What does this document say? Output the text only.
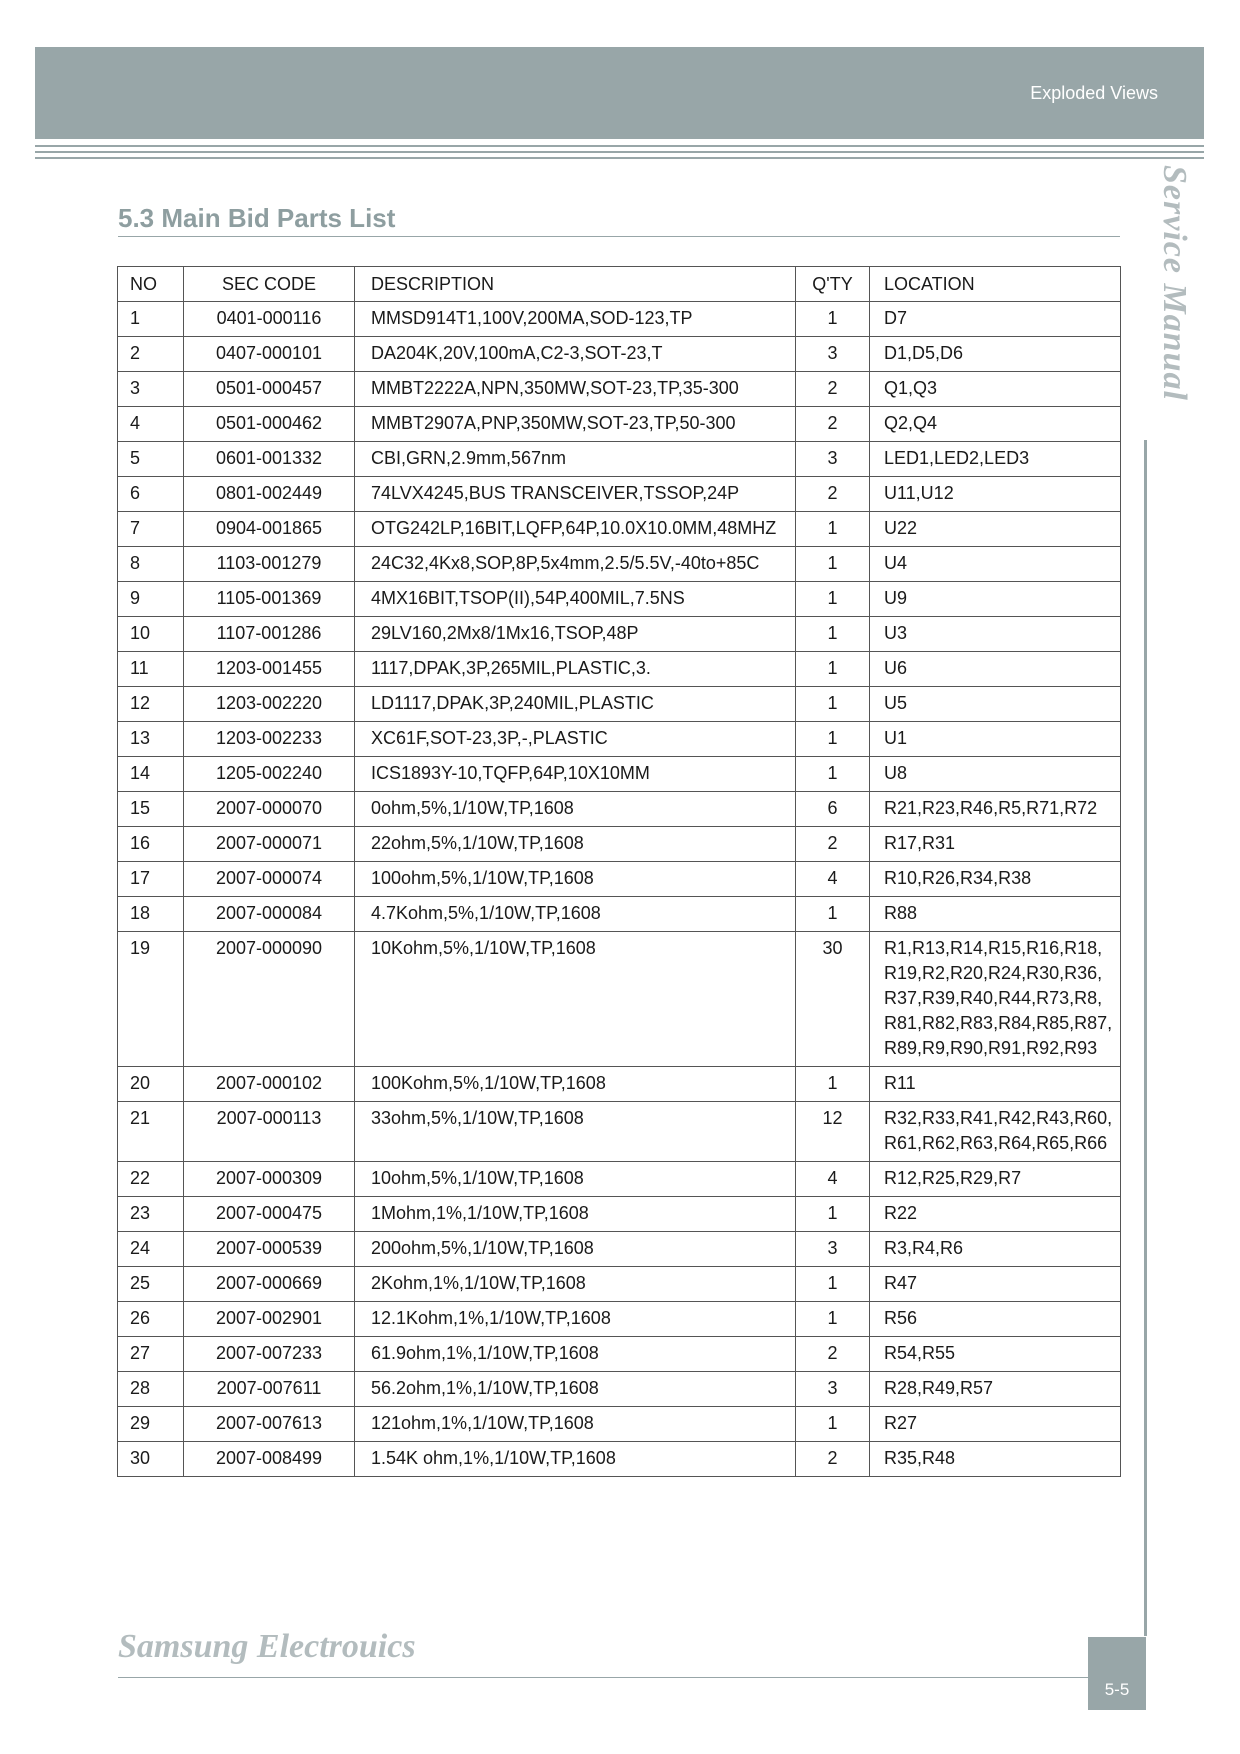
Exploded Views
Service Manual
5.3 Main Bid Parts List
NO	SEC CODE	DESCRIPTION	Q'TY	LOCATION
1	0401-000116	MMSD914T1,100V,200MA,SOD-123,TP	1	D7

2	0407-000101	DA204K,20V,100mA,C2-3,SOT-23,T	3	D1,D5,D6

3	0501-000457	MMBT2222A,NPN,350MW,SOT-23,TP,35-300	2	Q1,Q3

4	0501-000462	MMBT2907A,PNP,350MW,SOT-23,TP,50-300	2	Q2,Q4

5	0601-001332	CBI,GRN,2.9mm,567nm	3	LED1,LED2,LED3

6	0801-002449	74LVX4245,BUS TRANSCEIVER,TSSOP,24P	2	U11,U12

7	0904-001865	OTG242LP,16BIT,LQFP,64P,10.0X10.0MM,48MHZ	1	U22

8	1103-001279	24C32,4Kx8,SOP,8P,5x4mm,2.5/5.5V,-40to+85C	1	U4

9	1105-001369	4MX16BIT,TSOP(II),54P,400MIL,7.5NS	1	U9

10	1107-001286	29LV160,2Mx8/1Mx16,TSOP,48P	1	U3

11	1203-001455	1117,DPAK,3P,265MIL,PLASTIC,3.	1	U6

12	1203-002220	LD1117,DPAK,3P,240MIL,PLASTIC	1	U5

13	1203-002233	XC61F,SOT-23,3P,-,PLASTIC	1	U1

14	1205-002240	ICS1893Y-10,TQFP,64P,10X10MM	1	U8

15	2007-000070	0ohm,5%,1/10W,TP,1608	6	R21,R23,R46,R5,R71,R72

16	2007-000071	22ohm,5%,1/10W,TP,1608	2	R17,R31

17	2007-000074	100ohm,5%,1/10W,TP,1608	4	R10,R26,R34,R38

18	2007-000084	4.7Kohm,5%,1/10W,TP,1608	1	R88

19	2007-000090	10Kohm,5%,1/10W,TP,1608	30	R1,R13,R14,R15,R16,R18,
R19,R2,R20,R24,R30,R36,
R37,R39,R40,R44,R73,R8,
R81,R82,R83,R84,R85,R87,
R89,R9,R90,R91,R92,R93

20	2007-000102	100Kohm,5%,1/10W,TP,1608	1	R11

21	2007-000113	33ohm,5%,1/10W,TP,1608	12	R32,R33,R41,R42,R43,R60,
R61,R62,R63,R64,R65,R66

22	2007-000309	10ohm,5%,1/10W,TP,1608	4	R12,R25,R29,R7

23	2007-000475	1Mohm,1%,1/10W,TP,1608	1	R22

24	2007-000539	200ohm,5%,1/10W,TP,1608	3	R3,R4,R6

25	2007-000669	2Kohm,1%,1/10W,TP,1608	1	R47

26	2007-002901	12.1Kohm,1%,1/10W,TP,1608	1	R56

27	2007-007233	61.9ohm,1%,1/10W,TP,1608	2	R54,R55

28	2007-007611	56.2ohm,1%,1/10W,TP,1608	3	R28,R49,R57

29	2007-007613	121ohm,1%,1/10W,TP,1608	1	R27

30	2007-008499	1.54K ohm,1%,1/10W,TP,1608	2	R35,R48
Samsung Electrouics
5-5
